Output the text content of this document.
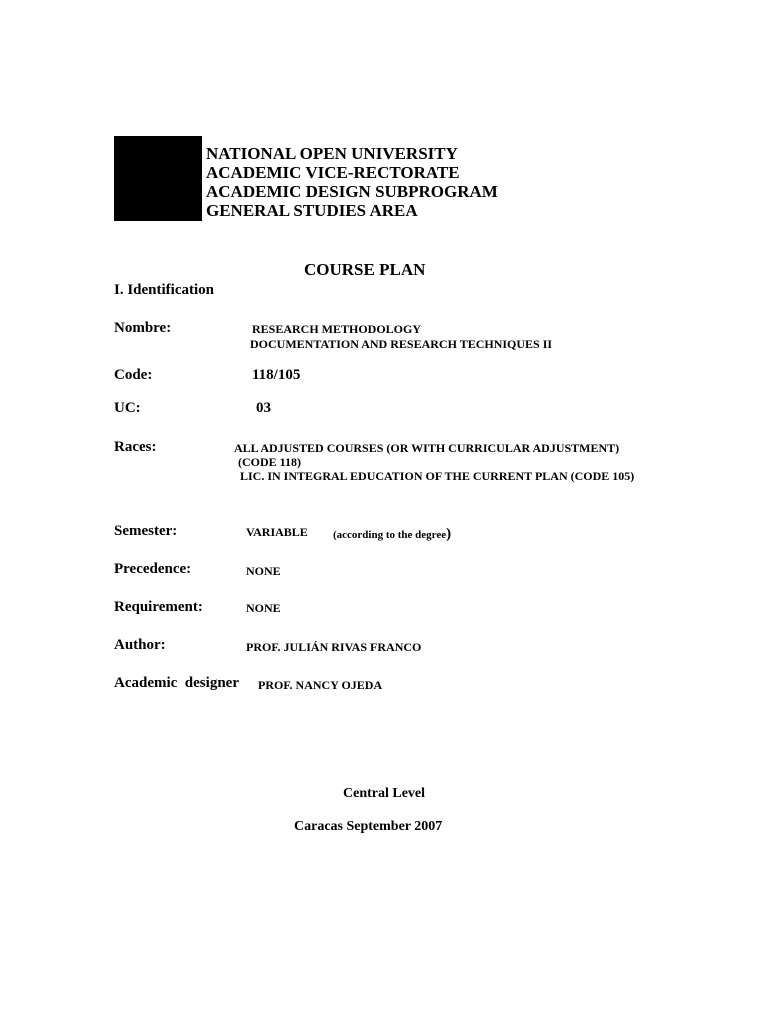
NATIONAL OPEN UNIVERSITY
ACADEMIC VICE-RECTORATE
ACADEMIC DESIGN SUBPROGRAM
GENERAL STUDIES AREA
COURSE PLAN
I. Identification
Nombre:	RESEARCH METHODOLOGY
DOCUMENTATION AND RESEARCH TECHNIQUES II
Code:	118/105
UC:	03
Races:	ALL ADJUSTED COURSES (OR WITH CURRICULAR ADJUSTMENT)
(CODE 118)
LIC. IN INTEGRAL EDUCATION OF THE CURRENT PLAN (CODE 105)
Semester:	VARIABLE (according to the degree)
Precedence:	NONE
Requirement:	NONE
Author:	PROF. JULIÁN RIVAS FRANCO
Academic  designer PROF. NANCY OJEDA
Central Level
Caracas September 2007
